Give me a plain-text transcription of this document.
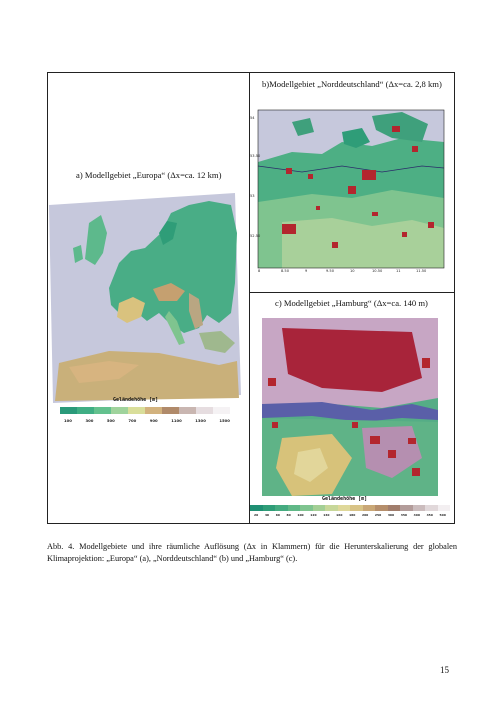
a) Modellgebiet „Europa“ (Δx=ca. 12 km)
Geländehöhe [m]
100	300	500	700	900	1100	1300	1500
b)Modellgebiet „Norddeutschland“ (Δx=ca. 2,8 km)
54
53.50
53
52.50
8	8.50	9	9.50	10	10.50	11	11.50
c) Modellgebiet „Hamburg“ (Δx=ca. 140 m)
Geländehöhe [m]
20 40 60 80 100 120 140 160 180 200 250 300 350 400 450 500
Abb. 4. Modellgebiete und ihre räumliche Auflösung (Δx in Klammern) für die Herunterskalierung der globalen Klimaprojektion: „Europa“ (a), „Norddeutschland“ (b) und „Hamburg“ (c).
15
